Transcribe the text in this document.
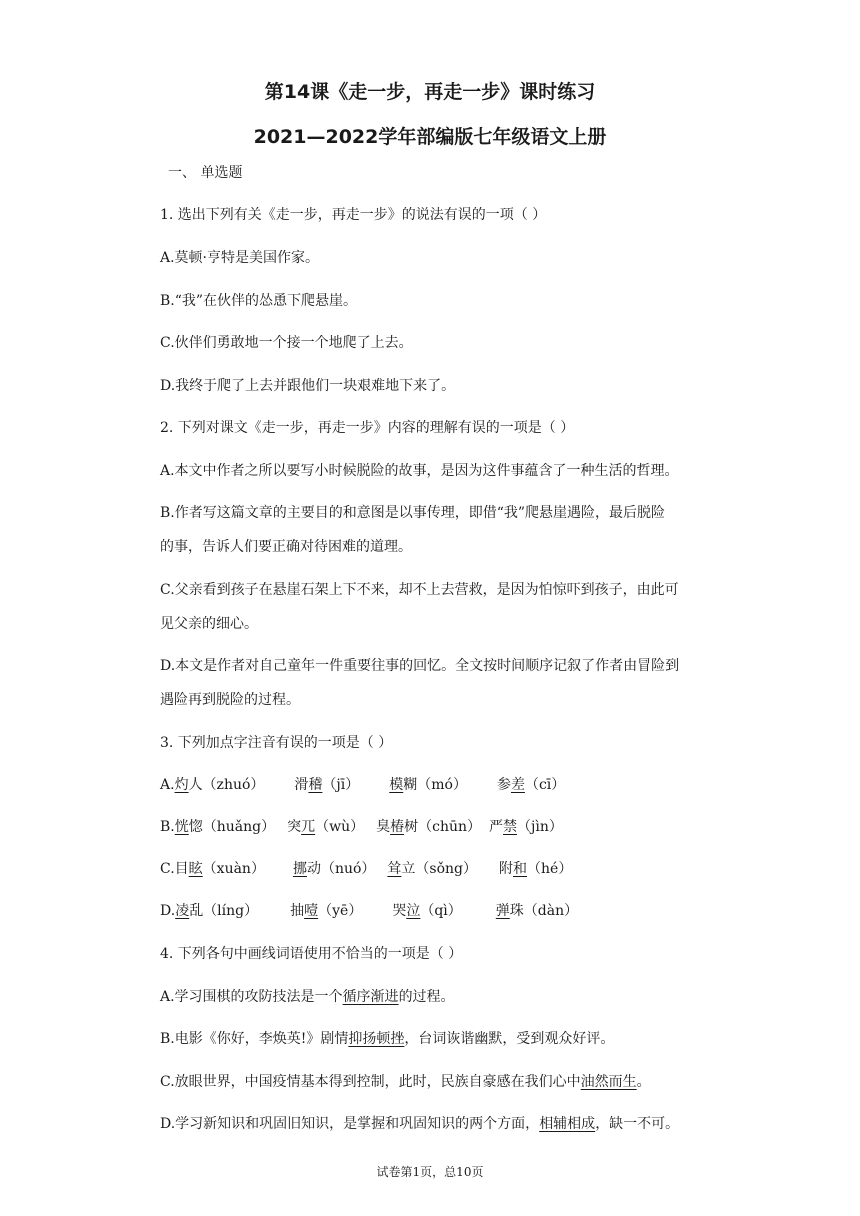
第14课《走一步，再走一步》课时练习
2021—2022学年部编版七年级语文上册
一、 单选题
1. 选出下列有关《走一步，再走一步》的说法有误的一项（ ）
A.莫顿·亨特是美国作家。
B.“我”在伙伴的怂恿下爬悬崖。
C.伙伴们勇敢地一个接一个地爬了上去。
D.我终于爬了上去并跟他们一块艰难地下来了。
2. 下列对课文《走一步，再走一步》内容的理解有误的一项是（ ）
A.本文中作者之所以要写小时候脱险的故事，是因为这件事蕴含了一种生活的哲理。
B.作者写这篇文章的主要目的和意图是以事传理，即借“我”爬悬崖遇险，最后脱险
的事，告诉人们要正确对待困难的道理。
C.父亲看到孩子在悬崖石架上下不来，却不上去营救，是因为怕惊吓到孩子，由此可
见父亲的细心。
D.本文是作者对自己童年一件重要往事的回忆。全文按时间顺序记叙了作者由冒险到
遇险再到脱险的过程。
3. 下列加点字注音有误的一项是（ ）
A.灼人（zhuó） 滑稽（jī） 模糊（mó） 参差（cī）
B.恍惚（huǎng） 突兀（wù） 臭椿树（chūn） 严禁（jìn）
C.目眩（xuàn） 挪动（nuó） 耸立（sǒng） 附和（hé）
D.凌乱（líng） 抽噎（yē） 哭泣（qì） 弹珠（dàn）
4. 下列各句中画线词语使用不恰当的一项是（ ）
A.学习围棋的攻防技法是一个循序渐进的过程。
B.电影《你好，李焕英!》剧情抑扬顿挫，台词诙谐幽默，受到观众好评。
C.放眼世界，中国疫情基本得到控制，此时，民族自豪感在我们心中油然而生。
D.学习新知识和巩固旧知识，是掌握和巩固知识的两个方面，相辅相成，缺一不可。
试卷第1页，总10页
